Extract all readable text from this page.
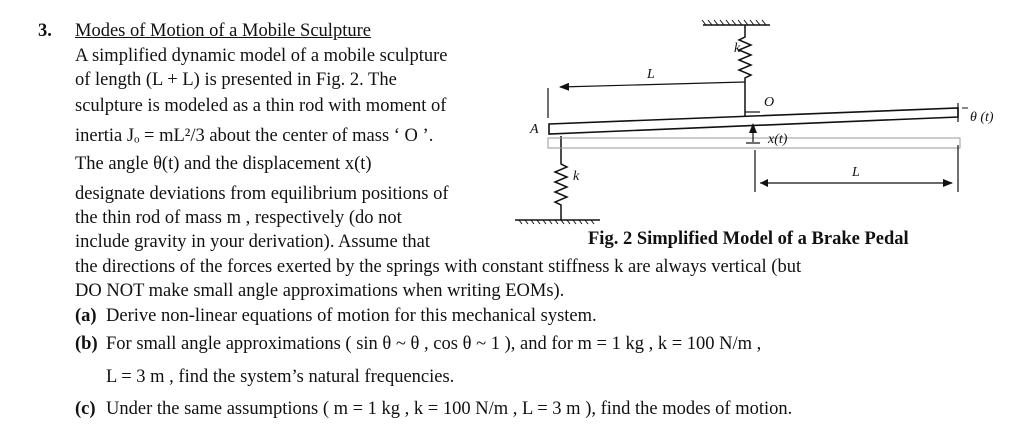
3. Modes of Motion of a Mobile Sculpture
A simplified dynamic model of a mobile sculpture
of length (L + L) is presented in Fig. 2. The
sculpture is modeled as a thin rod with moment of
inertia Jₒ = mL²/3 about the center of mass ‘ O ’.
The angle θ(t) and the displacement x(t)
designate deviations from equilibrium positions of
the thin rod of mass m , respectively (do not
include gravity in your derivation). Assume that
the directions of the forces exerted by the springs with constant stiffness k are always vertical (but
DO NOT make small angle approximations when writing EOMs).
(a) Derive non-linear equations of motion for this mechanical system.
(b) For small angle approximations ( sin θ ~ θ , cos θ ~ 1 ), and for m = 1 kg , k = 100 N/m ,
L = 3 m , find the system’s natural frequencies.
(c) Under the same assumptions ( m = 1 kg , k = 100 N/m , L = 3 m ), find the modes of motion.
Fig. 2 Simplified Model of a Brake Pedal
k
k
L
L
O
A
x(t)
θ (t)
